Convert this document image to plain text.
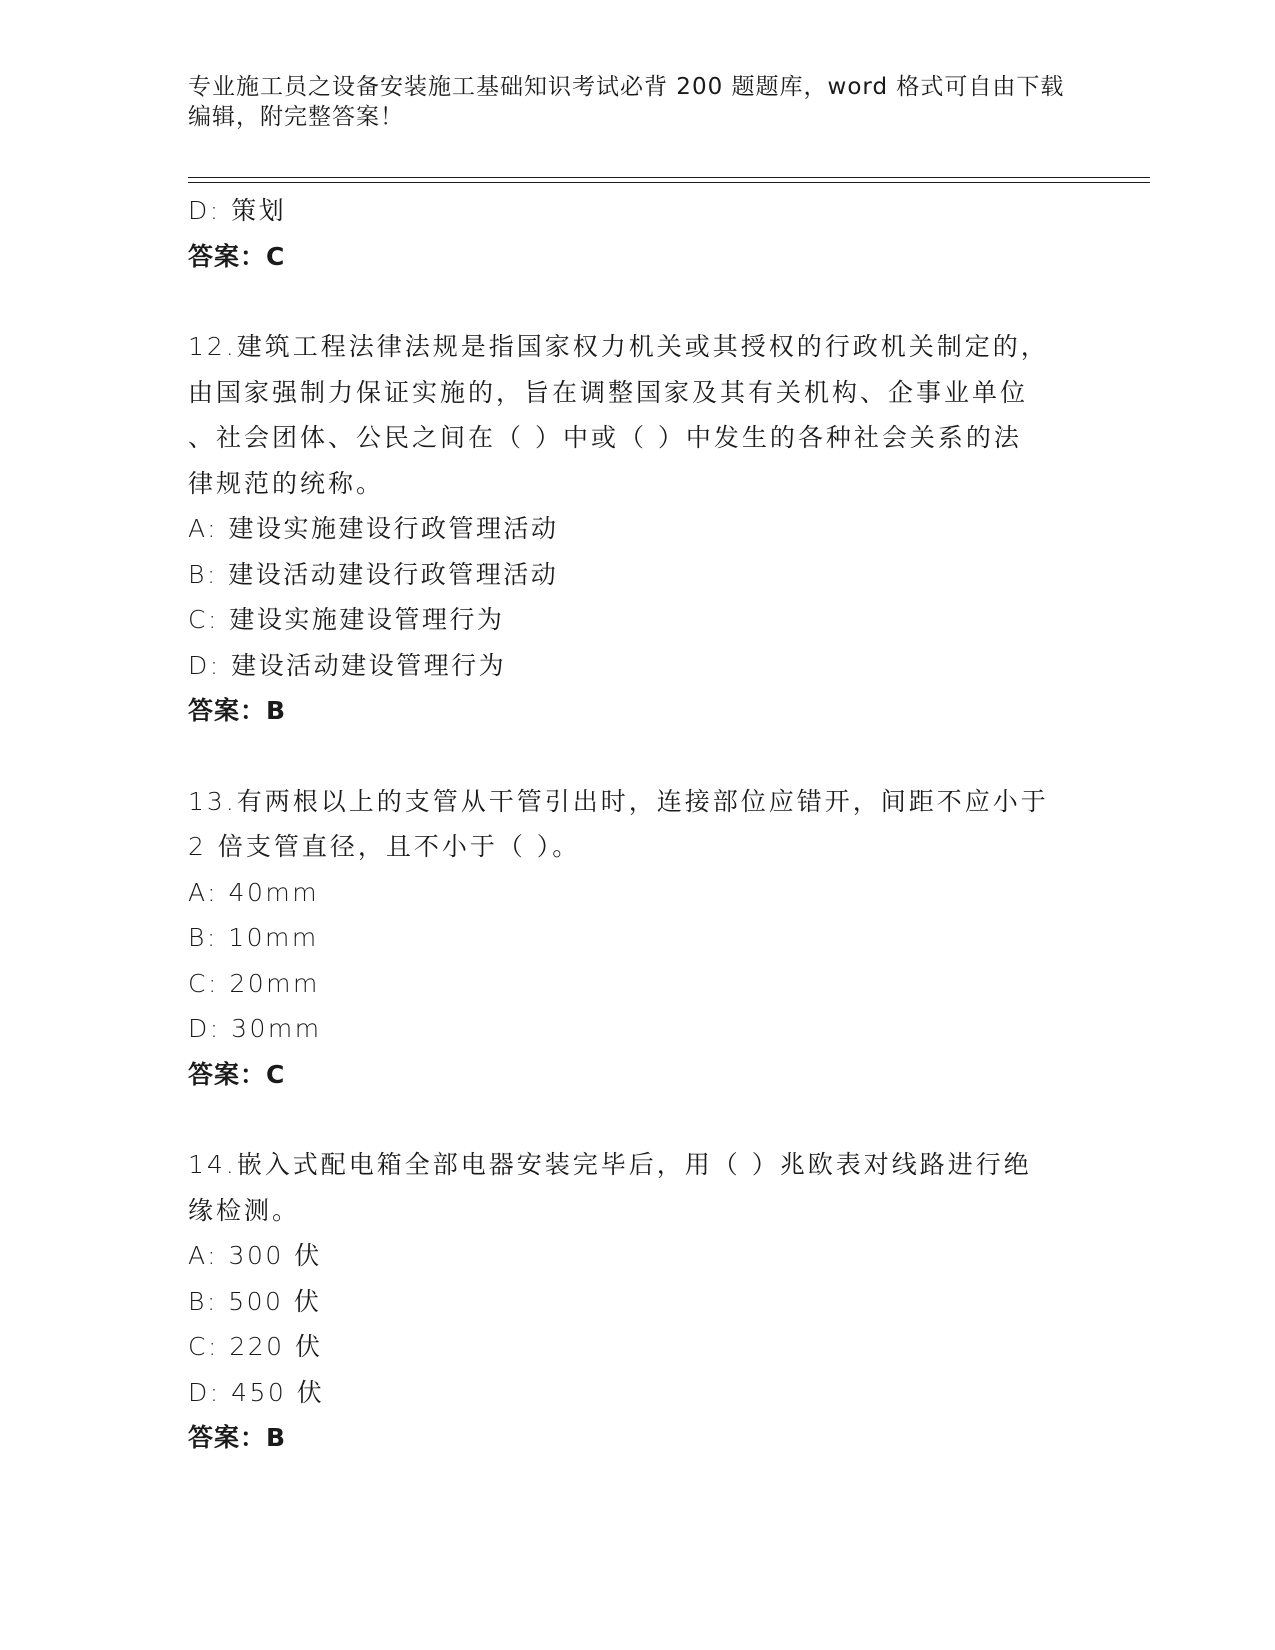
专业施工员之设备安装施工基础知识考试必背 200 题题库，word 格式可自由下载
编辑，附完整答案！
D: 策划
答案：C
12.建筑工程法律法规是指国家权力机关或其授权的行政机关制定的，
由国家强制力保证实施的，旨在调整国家及其有关机构、企事业单位
、社会团体、公民之间在（ ）中或（ ）中发生的各种社会关系的法
律规范的统称。
A: 建设实施建设行政管理活动
B: 建设活动建设行政管理活动
C: 建设实施建设管理行为
D: 建设活动建设管理行为
答案：B
13.有两根以上的支管从干管引出时，连接部位应错开，间距不应小于
2 倍支管直径，且不小于（ ）。
A: 40mm
B: 10mm
C: 20mm
D: 30mm
答案：C
14.嵌入式配电箱全部电器安装完毕后，用（ ）兆欧表对线路进行绝
缘检测。
A: 300 伏
B: 500 伏
C: 220 伏
D: 450 伏
答案：B
